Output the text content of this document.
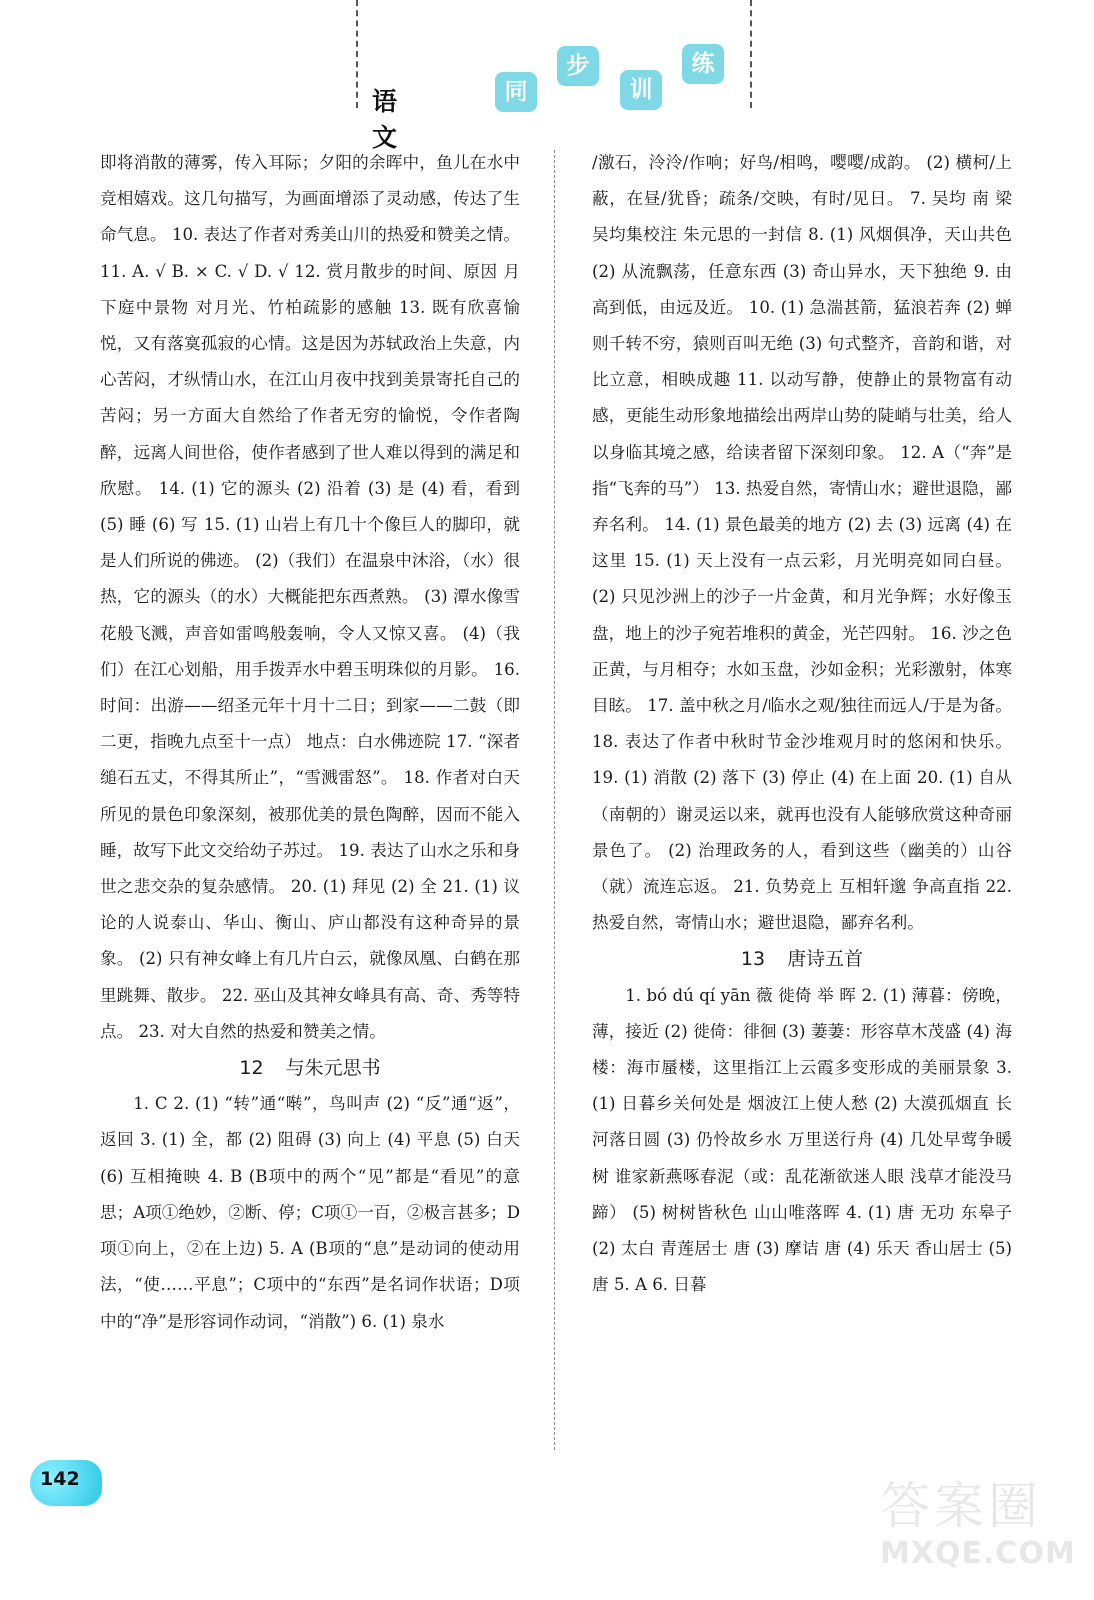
语文
同
步
训
练

即将消散的薄雾，传入耳际；夕阳的余晖中，鱼儿在水中竞相嬉戏。这几句描写，为画面增添了灵动感，传达了生命气息。 10. 表达了作者对秀美山川的热爱和赞美之情。 11. A. √ B. × C. √ D. √ 12. 赏月散步的时间、原因 月下庭中景物 对月光、竹柏疏影的感触 13. 既有欣喜愉悦，又有落寞孤寂的心情。这是因为苏轼政治上失意，内心苦闷，才纵情山水，在江山月夜中找到美景寄托自己的苦闷；另一方面大自然给了作者无穷的愉悦，令作者陶醉，远离人间世俗，使作者感到了世人难以得到的满足和欣慰。 14. (1) 它的源头 (2) 沿着 (3) 是 (4) 看，看到 (5) 睡 (6) 写 15. (1) 山岩上有几十个像巨人的脚印，就是人们所说的佛迹。 (2)（我们）在温泉中沐浴，（水）很热，它的源头（的水）大概能把东西煮熟。 (3) 潭水像雪花般飞溅，声音如雷鸣般轰响，令人又惊又喜。 (4)（我们）在江心划船，用手拨弄水中碧玉明珠似的月影。 16. 时间：出游——绍圣元年十月十二日；到家——二鼓（即二更，指晚九点至十一点） 地点：白水佛迹院 17. “深者缒石五丈，不得其所止”，“雪溅雷怒”。 18. 作者对白天所见的景色印象深刻，被那优美的景色陶醉，因而不能入睡，故写下此文交给幼子苏过。 19. 表达了山水之乐和身世之悲交杂的复杂感情。 20. (1) 拜见 (2) 全 21. (1) 议论的人说泰山、华山、衡山、庐山都没有这种奇异的景象。 (2) 只有神女峰上有几片白云，就像凤凰、白鹤在那里跳舞、散步。 22. 巫山及其神女峰具有高、奇、秀等特点。 23. 对大自然的热爱和赞美之情。

12 与朱元思书

1. C 2. (1) “转”通“啭”，鸟叫声 (2) “反”通“返”，返回 3. (1) 全，都 (2) 阻碍 (3) 向上 (4) 平息 (5) 白天 (6) 互相掩映 4. B (B项中的两个“见”都是“看见”的意思；A项①绝妙，②断、停；C项①一百，②极言甚多；D项①向上，②在上边) 5. A (B项的“息”是动词的使动用法，“使……平息”；C项中的“东西”是名词作状语；D项中的“净”是形容词作动词，“消散”) 6. (1) 泉水

/激石，泠泠/作响；好鸟/相鸣，嘤嘤/成韵。 (2) 横柯/上蔽，在昼/犹昏；疏条/交映，有时/见日。 7. 吴均 南 梁 吴均集校注 朱元思的一封信 8. (1) 风烟俱净，天山共色 (2) 从流飘荡，任意东西 (3) 奇山异水，天下独绝 9. 由高到低，由远及近。 10. (1) 急湍甚箭，猛浪若奔 (2) 蝉则千转不穷，猿则百叫无绝 (3) 句式整齐，音韵和谐，对比立意，相映成趣 11. 以动写静，使静止的景物富有动感，更能生动形象地描绘出两岸山势的陡峭与壮美，给人以身临其境之感，给读者留下深刻印象。 12. A（“奔”是指“飞奔的马”） 13. 热爱自然，寄情山水；避世退隐，鄙弃名利。 14. (1) 景色最美的地方 (2) 去 (3) 远离 (4) 在这里 15. (1) 天上没有一点云彩，月光明亮如同白昼。 (2) 只见沙洲上的沙子一片金黄，和月光争辉；水好像玉盘，地上的沙子宛若堆积的黄金，光芒四射。 16. 沙之色正黄，与月相夺；水如玉盘，沙如金积；光彩激射，体寒目眩。 17. 盖中秋之月/临水之观/独往而远人/于是为备。 18. 表达了作者中秋时节金沙堆观月时的悠闲和快乐。 19. (1) 消散 (2) 落下 (3) 停止 (4) 在上面 20. (1) 自从（南朝的）谢灵运以来，就再也没有人能够欣赏这种奇丽景色了。 (2) 治理政务的人，看到这些（幽美的）山谷（就）流连忘返。 21. 负势竞上 互相轩邈 争高直指 22. 热爱自然，寄情山水；避世退隐，鄙弃名利。

13 唐诗五首

1. bó dú qí yān 薇 徙倚 举 晖 2. (1) 薄暮：傍晚，薄，接近 (2) 徙倚：徘徊 (3) 萋萋：形容草木茂盛 (4) 海楼：海市蜃楼，这里指江上云霞多变形成的美丽景象 3. (1) 日暮乡关何处是 烟波江上使人愁 (2) 大漠孤烟直 长河落日圆 (3) 仍怜故乡水 万里送行舟 (4) 几处早莺争暖树 谁家新燕啄春泥（或：乱花渐欲迷人眼 浅草才能没马蹄） (5) 树树皆秋色 山山唯落晖 4. (1) 唐 无功 东皋子 (2) 太白 青莲居士 唐 (3) 摩诘 唐 (4) 乐天 香山居士 (5) 唐 5. A 6. 日暮

142	答案圈
MXQE.COM
